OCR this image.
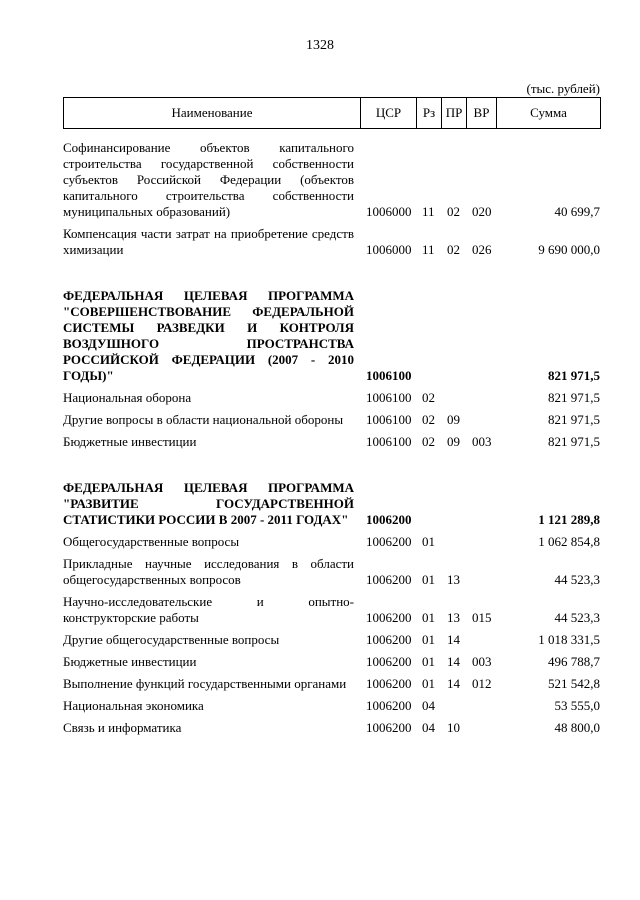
1328
(тыс. рублей)
Наименование	ЦСР	Рз	ПР	ВР	Сумма
Софинансирование объектов капитального строительства государственной собственности субъектов Российской Федерации (объектов капитального строительства собственности муниципальных образований)	1006000	11	02	020	40 699,7
Компенсация части затрат на приобретение средств химизации	1006000	11	02	026	9 690 000,0

ФЕДЕРАЛЬНАЯ ЦЕЛЕВАЯ ПРОГРАММА "СОВЕРШЕНСТВОВАНИЕ ФЕДЕРАЛЬНОЙ СИСТЕМЫ РАЗВЕДКИ И КОНТРОЛЯ ВОЗДУШНОГО ПРОСТРАНСТВА РОССИЙСКОЙ ФЕДЕРАЦИИ (2007 - 2010 ГОДЫ)"	1006100				821 971,5
Национальная оборона	1006100	02			821 971,5
Другие вопросы в области национальной обороны	1006100	02	09		821 971,5
Бюджетные инвестиции	1006100	02	09	003	821 971,5

ФЕДЕРАЛЬНАЯ ЦЕЛЕВАЯ ПРОГРАММА "РАЗВИТИЕ ГОСУДАРСТВЕННОЙ СТАТИСТИКИ РОССИИ В 2007 - 2011 ГОДАХ"	1006200				1 121 289,8
Общегосударственные вопросы	1006200	01			1 062 854,8
Прикладные научные исследования в области общегосударственных вопросов	1006200	01	13		44 523,3
Научно-исследовательские и опытно-конструкторские работы	1006200	01	13	015	44 523,3
Другие общегосударственные вопросы	1006200	01	14		1 018 331,5
Бюджетные инвестиции	1006200	01	14	003	496 788,7
Выполнение функций государственными органами	1006200	01	14	012	521 542,8
Национальная экономика	1006200	04			53 555,0
Связь и информатика	1006200	04	10		48 800,0
